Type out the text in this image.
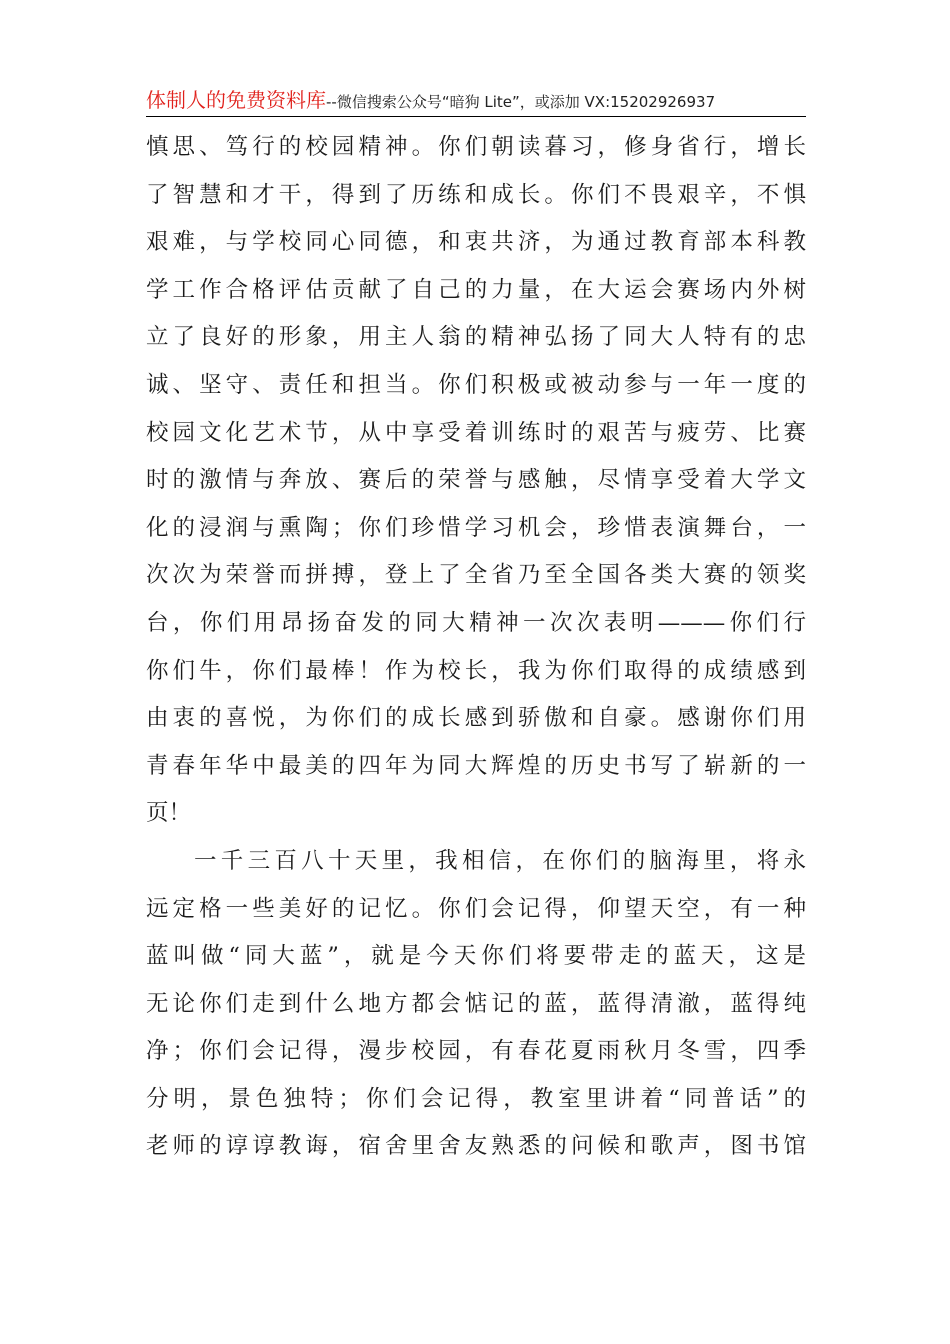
体制人的免费资料库--微信搜索公众号“暗狗 Lite”，或添加 VX:15202926937
慎思、笃行的校园精神。你们朝读暮习，修身省行，增长
了智慧和才干，得到了历练和成长。你们不畏艰辛，不惧
艰难，与学校同心同德，和衷共济，为通过教育部本科教
学工作合格评估贡献了自己的力量，在大运会赛场内外树
立了良好的形象，用主人翁的精神弘扬了同大人特有的忠
诚、坚守、责任和担当。你们积极或被动参与一年一度的
校园文化艺术节，从中享受着训练时的艰苦与疲劳、比赛
时的激情与奔放、赛后的荣誉与感触，尽情享受着大学文
化的浸润与熏陶；你们珍惜学习机会，珍惜表演舞台，一
次次为荣誉而拼搏，登上了全省乃至全国各类大赛的领奖
台，你们用昂扬奋发的同大精神一次次表明———你们行
你们牛，你们最棒！作为校长，我为你们取得的成绩感到
由衷的喜悦，为你们的成长感到骄傲和自豪。感谢你们用
青春年华中最美的四年为同大辉煌的历史书写了崭新的一
页！
一千三百八十天里，我相信，在你们的脑海里，将永
远定格一些美好的记忆。你们会记得，仰望天空，有一种
蓝叫做“同大蓝”，就是今天你们将要带走的蓝天，这是
无论你们走到什么地方都会惦记的蓝，蓝得清澈，蓝得纯
净；你们会记得，漫步校园，有春花夏雨秋月冬雪，四季
分明，景色独特；你们会记得，教室里讲着“同普话”的
老师的谆谆教诲，宿舍里舍友熟悉的问候和歌声，图书馆
